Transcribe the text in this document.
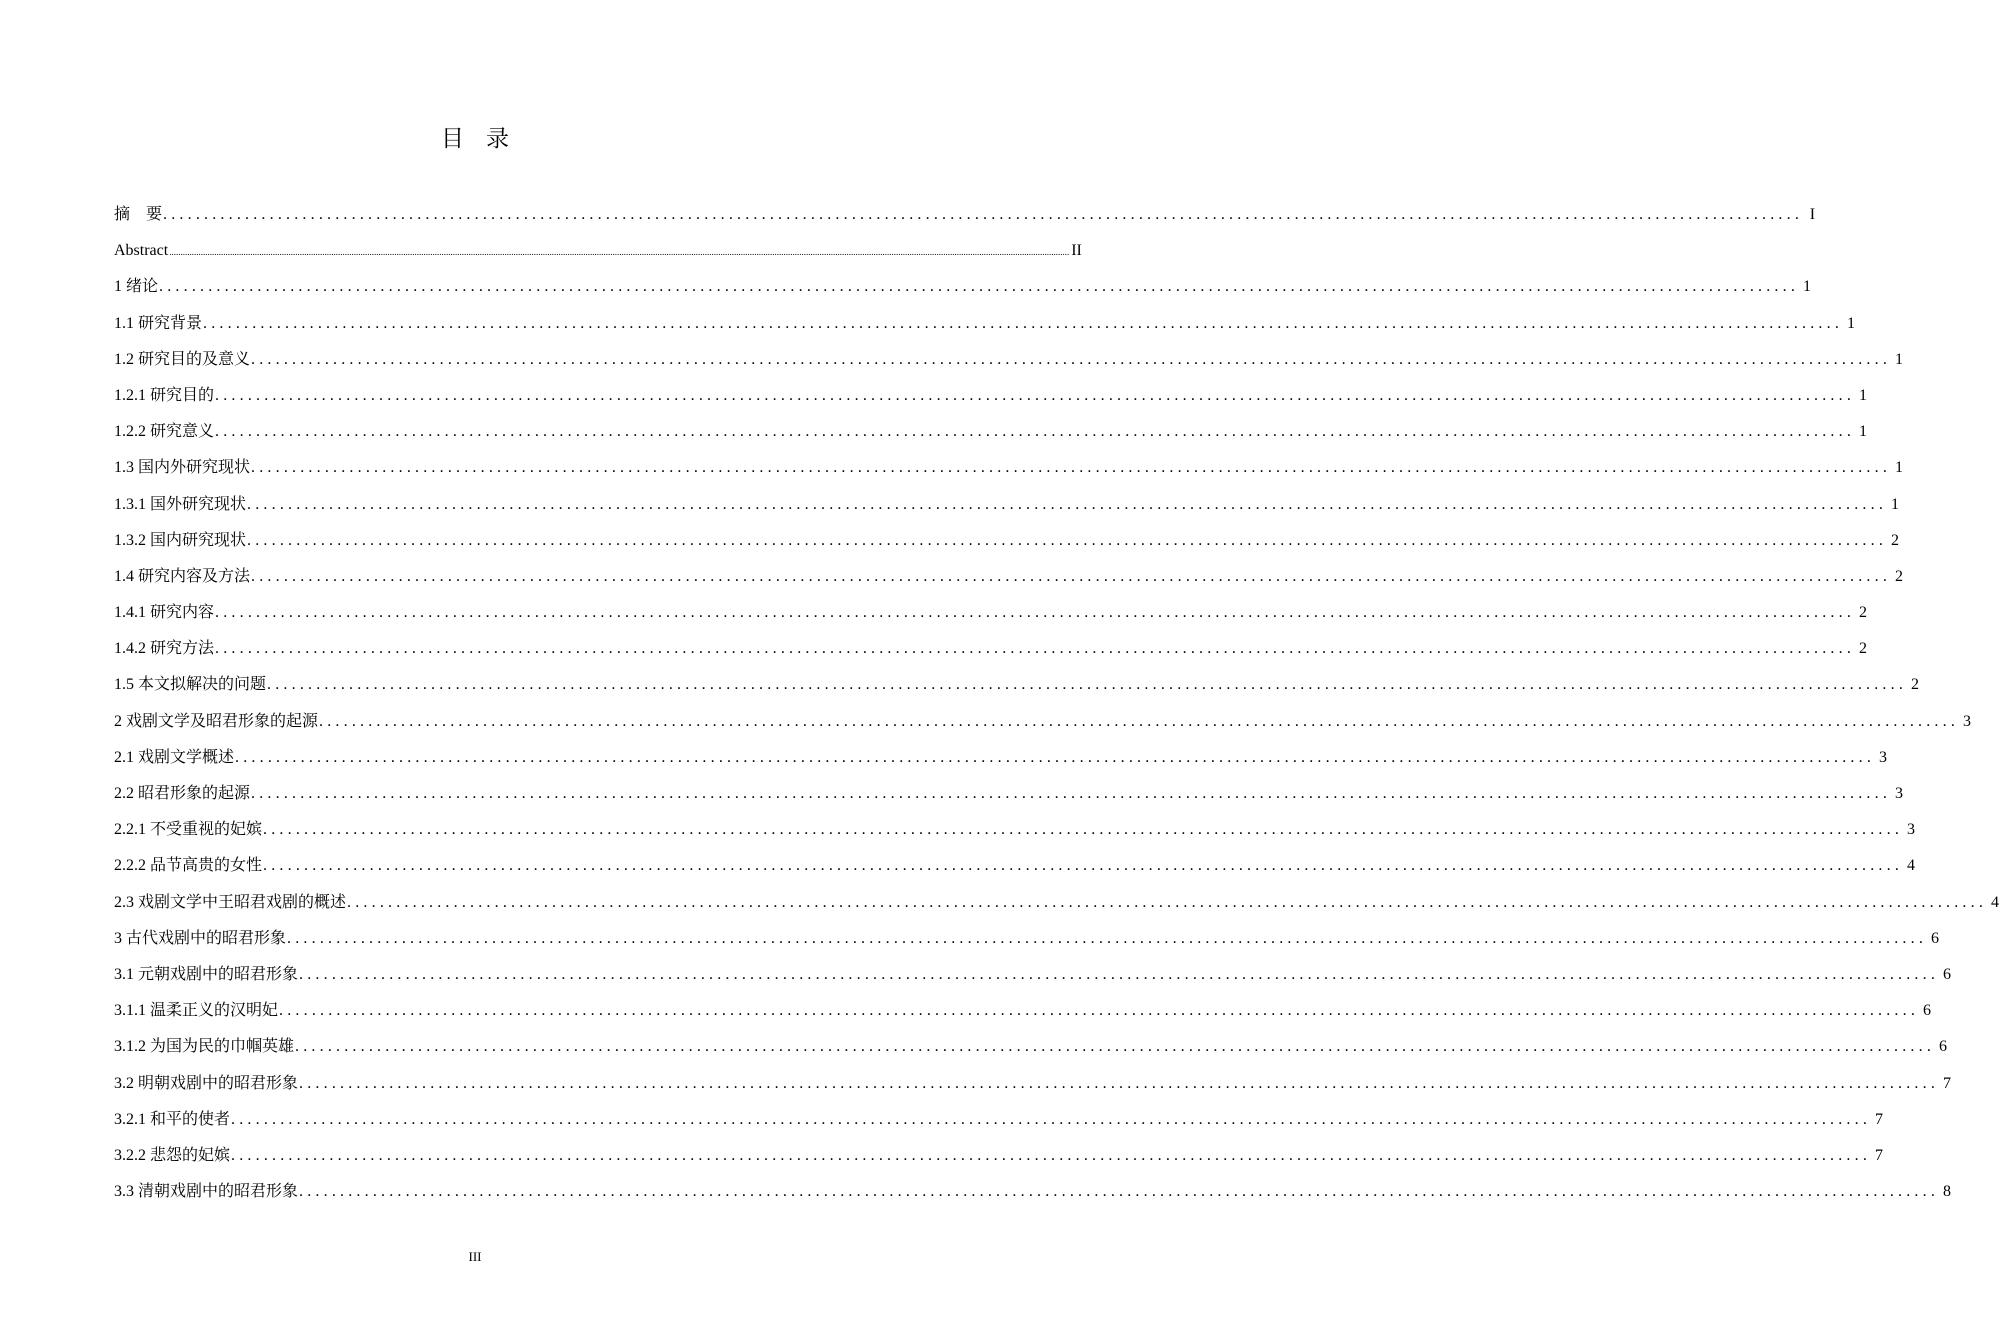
目 录
摘　要 ........................................................................................................................................................................................................ I
Abstract ................................................................................................................................................................................................................................................................................................................................................................................................................ II
1 绪论 ........................................................................................................................................................................................................ 1
1.1 研究背景 ........................................................................................................................................................................................................ 1
1.2 研究目的及意义 ........................................................................................................................................................................................................ 1
1.2.1 研究目的 ........................................................................................................................................................................................................ 1
1.2.2 研究意义 ........................................................................................................................................................................................................ 1
1.3 国内外研究现状 ........................................................................................................................................................................................................ 1
1.3.1 国外研究现状 ........................................................................................................................................................................................................ 1
1.3.2 国内研究现状 ........................................................................................................................................................................................................ 2
1.4 研究内容及方法 ........................................................................................................................................................................................................ 2
1.4.1 研究内容 ........................................................................................................................................................................................................ 2
1.4.2 研究方法 ........................................................................................................................................................................................................ 2
1.5 本文拟解决的问题 ........................................................................................................................................................................................................ 2
2 戏剧文学及昭君形象的起源 ........................................................................................................................................................................................................ 3
2.1 戏剧文学概述 ........................................................................................................................................................................................................ 3
2.2 昭君形象的起源 ........................................................................................................................................................................................................ 3
2.2.1 不受重视的妃嫔 ........................................................................................................................................................................................................ 3
2.2.2 品节高贵的女性 ........................................................................................................................................................................................................ 4
2.3 戏剧文学中王昭君戏剧的概述 ........................................................................................................................................................................................................ 4
3 古代戏剧中的昭君形象 ........................................................................................................................................................................................................ 6
3.1 元朝戏剧中的昭君形象 ........................................................................................................................................................................................................ 6
3.1.1 温柔正义的汉明妃 ........................................................................................................................................................................................................ 6
3.1.2 为国为民的巾帼英雄 ........................................................................................................................................................................................................ 6
3.2 明朝戏剧中的昭君形象 ........................................................................................................................................................................................................ 7
3.2.1 和平的使者 ........................................................................................................................................................................................................ 7
3.2.2 悲怨的妃嫔 ........................................................................................................................................................................................................ 7
3.3 清朝戏剧中的昭君形象 ........................................................................................................................................................................................................ 8
III
